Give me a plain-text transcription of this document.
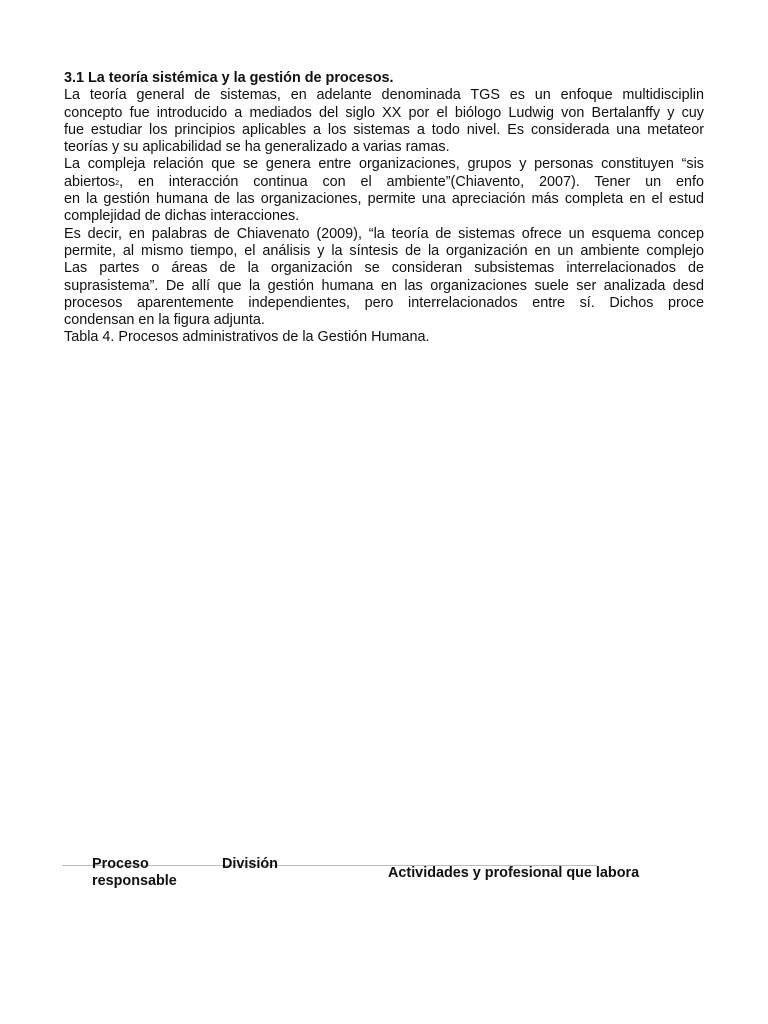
3.1 La teoría sistémica y la gestión de procesos.
La teoría general de sistemas, en adelante denominada TGS es un enfoque multidisciplin
concepto fue introducido a mediados del siglo XX por el biólogo Ludwig von Bertalanffy y cuy
fue estudiar los principios aplicables a los sistemas a todo nivel. Es considerada una metateor
teorías y su aplicabilidad se ha generalizado a varias ramas.
La compleja relación que se genera entre organizaciones, grupos y personas constituyen “sis
abiertos2, en interacción continua con el ambiente”(Chiavento, 2007). Tener un enfo
en la gestión humana de las organizaciones, permite una apreciación más completa en el estud
complejidad de dichas interacciones.
Es decir, en palabras de Chiavenato (2009), “la teoría de sistemas ofrece un esquema concep
permite, al mismo tiempo, el análisis y la síntesis de la organización en un ambiente complejo
Las partes o áreas de la organización se consideran subsistemas interrelacionados de
suprasistema”. De allí que la gestión humana en las organizaciones suele ser analizada desd
procesos aparentemente independientes, pero interrelacionados entre sí. Dichos proce
condensan en la figura adjunta.
Tabla 4. Procesos administrativos de la Gestión Humana.
Proceso
responsable
División
Actividades y profesional que labora
